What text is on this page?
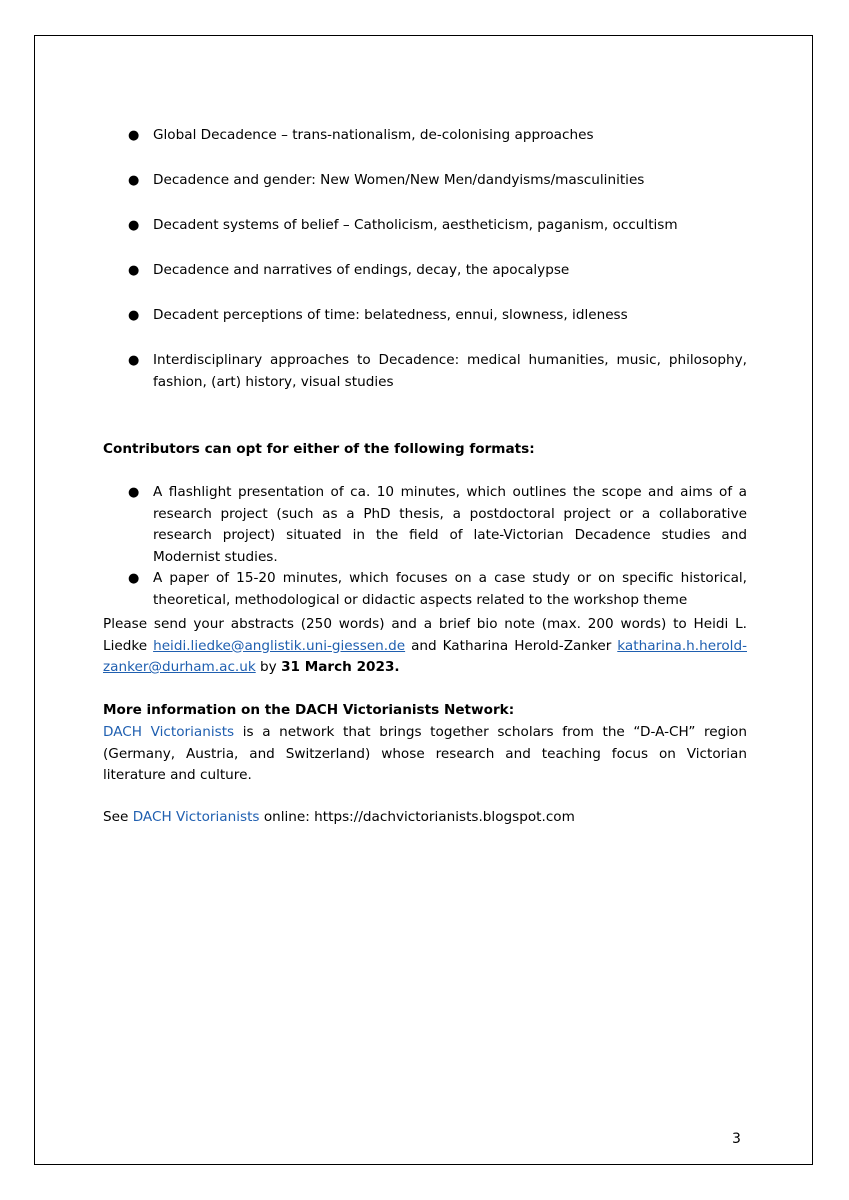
● Global Decadence – trans-nationalism, de-colonising approaches
● Decadence and gender: New Women/New Men/dandyisms/masculinities
● Decadent systems of belief – Catholicism, aestheticism, paganism, occultism
● Decadence and narratives of endings, decay, the apocalypse
● Decadent perceptions of time: belatedness, ennui, slowness, idleness
● Interdisciplinary approaches to Decadence: medical humanities, music, philosophy, fashion, (art) history, visual studies
Contributors can opt for either of the following formats:
● A flashlight presentation of ca. 10 minutes, which outlines the scope and aims of a research project (such as a PhD thesis, a postdoctoral project or a collaborative research project) situated in the field of late-Victorian Decadence studies and Modernist studies.
● A paper of 15-20 minutes, which focuses on a case study or on specific historical, theoretical, methodological or didactic aspects related to the workshop theme

Please send your abstracts (250 words) and a brief bio note (max. 200 words) to Heidi L. Liedke heidi.liedke@anglistik.uni-giessen.de and Katharina Herold-Zanker katharina.h.herold-zanker@durham.ac.uk by 31 March 2023.

More information on the DACH Victorianists Network:

DACH Victorianists is a network that brings together scholars from the “D-A-CH” region (Germany, Austria, and Switzerland) whose research and teaching focus on Victorian literature and culture.

See DACH Victorianists online: https://dachvictorianists.blogspot.com

3
